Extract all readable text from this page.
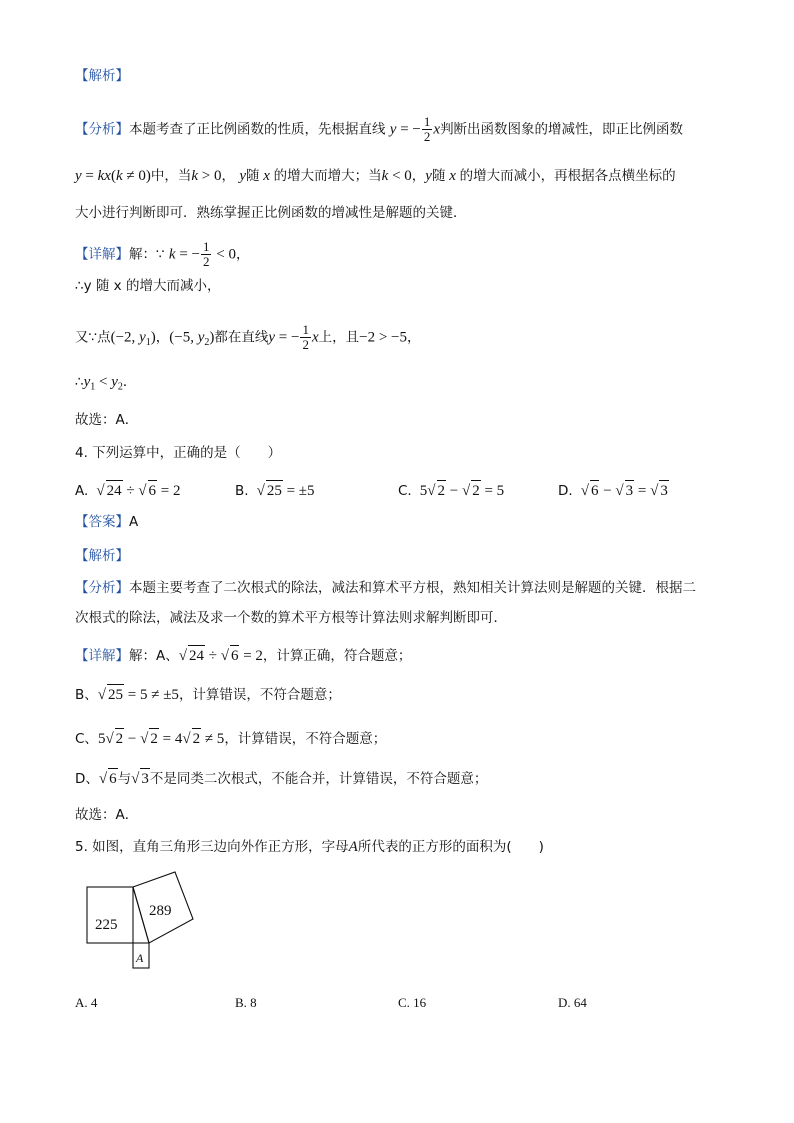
【解析】
【分析】本题考查了正比例函数的性质，先根据直线 y = − $\frac{1}{2}$ x判断出函数图象的增减性，即正比例函数
y = kx(k ≠ 0)中，当k > 0， y随 x 的增大而增大；当k < 0，y随 x 的增大而减小，再根据各点横坐标的
大小进行判断即可．熟练掌握正比例函数的增减性是解题的关键．
【详解】解：∵ k = − $\frac{1}{2} < 0$，
∴y 随 x 的增大而减小，
又∵点(−2, $y_1$)，(−5, $y_2$)都在直线y = − $\frac{1}{2}$ x上，且−2 > −5，
$\therefore y_1 < y_2$．
故选：A．
4. 下列运算中，正确的是（　　）
A.  √ 24 ÷ √ 6 = 2	B.  √ 25 = ±5	C.  5√ 2 − √ 2 = 5	D.  √ 6 − √ 3 = √ 3
【答案】A
【解析】
【分析】本题主要考查了二次根式的除法，减法和算术平方根，熟知相关计算法则是解题的关键．根据二
次根式的除法，减法及求一个数的算术平方根等计算法则求解判断即可．
【详解】解：A、√ 24 ÷ √ 6 = 2，计算正确，符合题意；
B、√ 25 = 5 ≠ ±5，计算错误，不符合题意；
C、5√ 2 − √ 2 = 4√ 2 ≠ 5，计算错误，不符合题意；
D、√ 6与√ 3不是同类二次根式，不能合并，计算错误，不符合题意；
故选：A．
5. 如图，直角三角形三边向外作正方形，字母A所代表的正方形的面积为(　　)
225
289
A
A. 4	B. 8	C. 16	D. 64
